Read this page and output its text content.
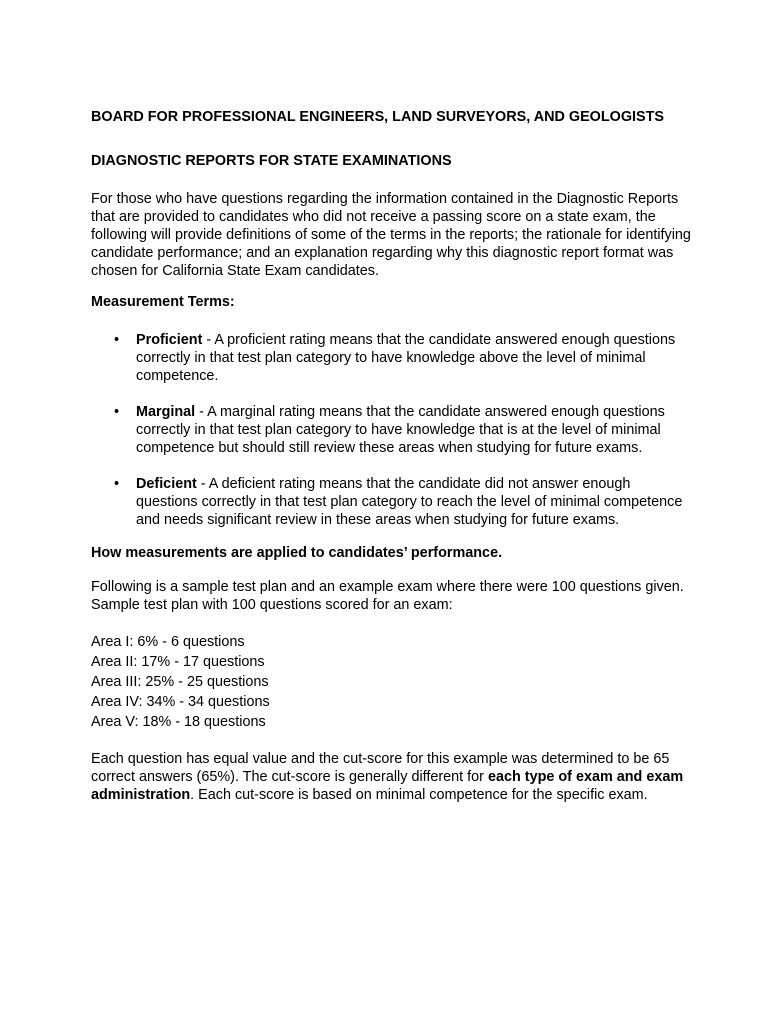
BOARD FOR PROFESSIONAL ENGINEERS, LAND SURVEYORS, AND GEOLOGISTS

DIAGNOSTIC REPORTS FOR STATE EXAMINATIONS

For those who have questions regarding the information contained in the Diagnostic Reports that are provided to candidates who did not receive a passing score on a state exam, the following will provide definitions of some of the terms in the reports; the rationale for identifying candidate performance; and an explanation regarding why this diagnostic report format was chosen for California State Exam candidates.

Measurement Terms:

• Proficient - A proficient rating means that the candidate answered enough questions correctly in that test plan category to have knowledge above the level of minimal competence.
• Marginal - A marginal rating means that the candidate answered enough questions correctly in that test plan category to have knowledge that is at the level of minimal competence but should still review these areas when studying for future exams.
• Deficient - A deficient rating means that the candidate did not answer enough questions correctly in that test plan category to reach the level of minimal competence and needs significant review in these areas when studying for future exams.

How measurements are applied to candidates’ performance.

Following is a sample test plan and an example exam where there were 100 questions given.

Sample test plan with 100 questions scored for an exam:

Area I: 6% - 6 questions
Area II: 17% - 17 questions
Area III: 25% - 25 questions
Area IV: 34% - 34 questions
Area V: 18% - 18 questions

Each question has equal value and the cut-score for this example was determined to be 65 correct answers (65%). The cut-score is generally different for each type of exam and exam administration. Each cut-score is based on minimal competence for the specific exam.
